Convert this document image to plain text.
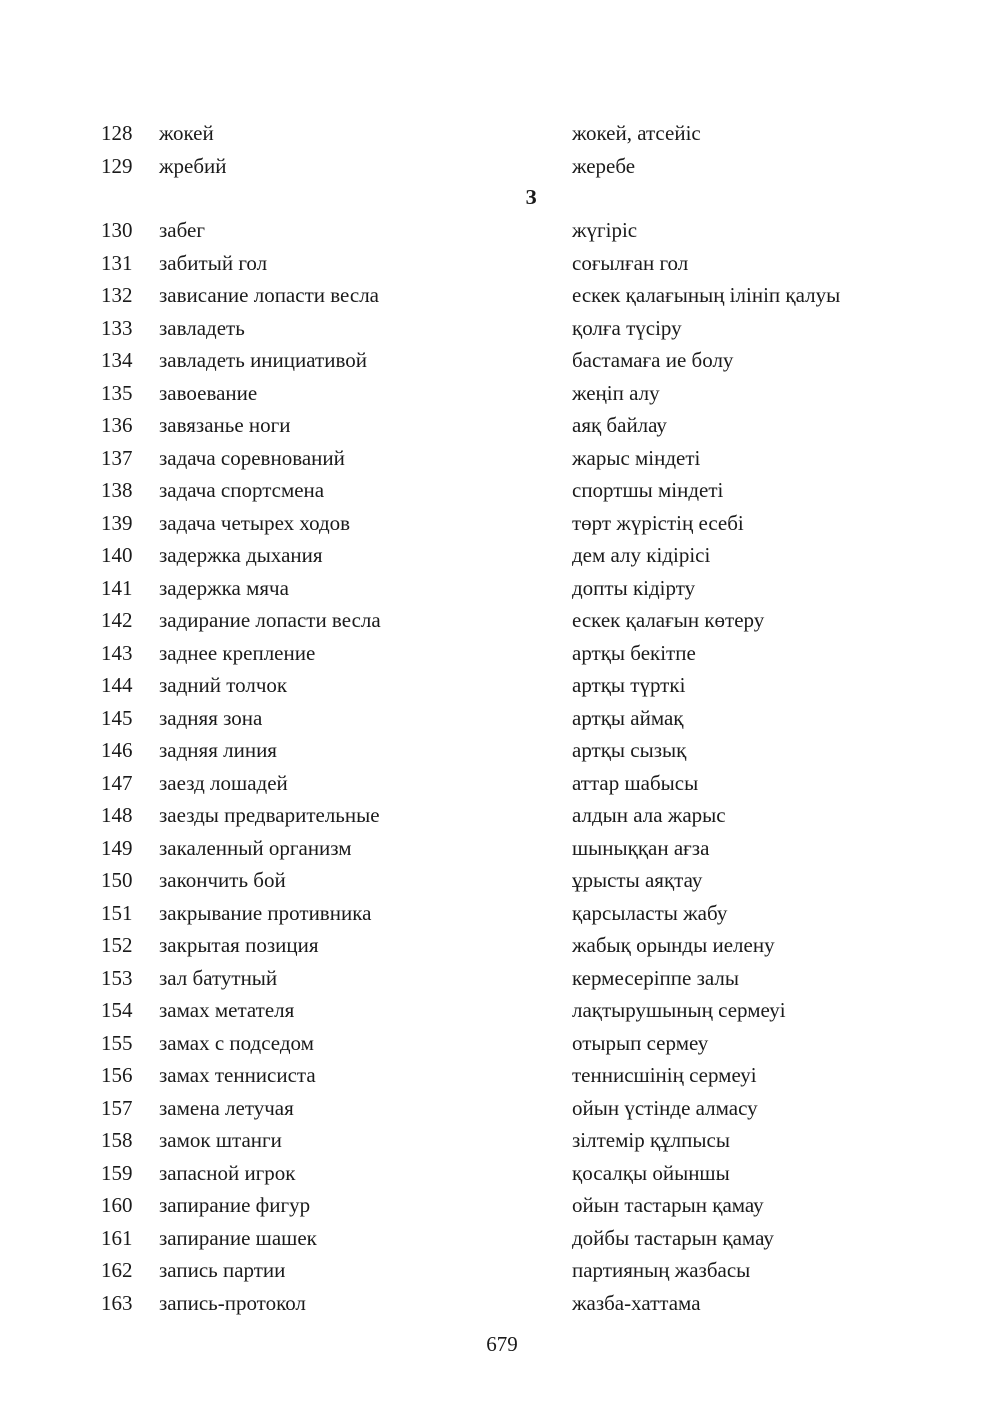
128	жокей	жокей, атсейіс
129	жребий	жеребе
З
130	забег	жүгіріс
131	забитый гол	соғылған гол
132	зависание лопасти весла	ескек қалағының ілініп қалуы
133	завладеть	қолға түсіру
134	завладеть инициативой	бастамаға ие болу
135	завоевание	жеңіп алу
136	завязанье ноги	аяқ байлау
137	задача соревнований	жарыс міндеті
138	задача спортсмена	спортшы міндеті
139	задача четырех ходов	төрт жүрістің есебі
140	задержка дыхания	дем алу кідірісі
141	задержка мяча	допты кідірту
142	задирание лопасти весла	ескек қалағын көтеру
143	заднее крепление	артқы бекітпе
144	задний толчок	артқы түрткі
145	задняя зона	артқы аймақ
146	задняя линия	артқы сызық
147	заезд лошадей	аттар шабысы
148	заезды предварительные	алдын ала жарыс
149	закаленный организм	шыныққан ағза
150	закончить бой	ұрысты аяқтау
151	закрывание противника	қарсыласты жабу
152	закрытая позиция	жабық орынды иелену
153	зал батутный	кермесеріппе залы
154	замах метателя	лақтырушының сермеуі
155	замах с подседом	отырып сермеу
156	замах теннисиста	теннисшінің сермеуі
157	замена летучая	ойын үстінде алмасу
158	замок штанги	зілтемір құлпысы
159	запасной игрок	қосалқы ойыншы
160	запирание фигур	ойын тастарын қамау
161	запирание шашек	дойбы тастарын қамау
162	запись партии	партияның жазбасы
163	запись-протокол	жазба-хаттама
679
